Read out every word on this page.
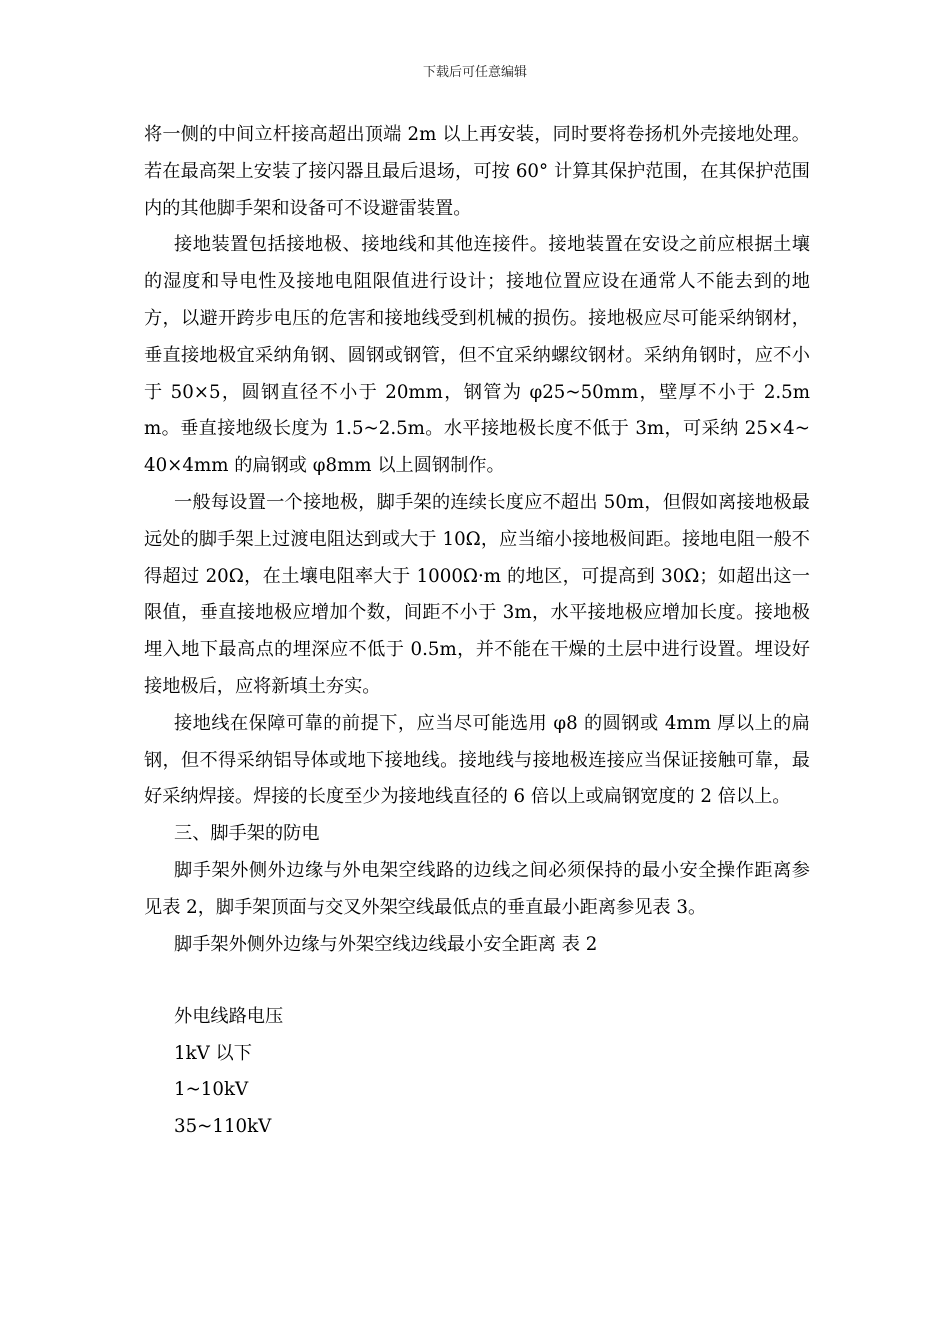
下载后可任意编辑

将一侧的中间立杆接高超出顶端 2m 以上再安装，同时要将卷扬机外壳接地处理。若在最高架上安装了接闪器且最后退场，可按 60° 计算其保护范围，在其保护范围内的其他脚手架和设备可不设避雷装置。

接地装置包括接地极、接地线和其他连接件。接地装置在安设之前应根据土壤的湿度和导电性及接地电阻限值进行设计；接地位置应设在通常人不能去到的地方，以避开跨步电压的危害和接地线受到机械的损伤。接地极应尽可能采纳钢材，垂直接地极宜采纳角钢、圆钢或钢管，但不宜采纳螺纹钢材。采纳角钢时，应不小于 50×5，圆钢直径不小于 20mm，钢管为 φ25~50mm，壁厚不小于 2.5mm。垂直接地级长度为 1.5~2.5m。水平接地极长度不低于 3m，可采纳 25×4~40×4mm 的扁钢或 φ8mm 以上圆钢制作。

一般每设置一个接地极，脚手架的连续长度应不超出 50m，但假如离接地极最远处的脚手架上过渡电阻达到或大于 10Ω，应当缩小接地极间距。接地电阻一般不得超过 20Ω，在土壤电阻率大于 1000Ω·m 的地区，可提高到 30Ω；如超出这一限值，垂直接地极应增加个数，间距不小于 3m，水平接地极应增加长度。接地极埋入地下最高点的埋深应不低于 0.5m，并不能在干燥的土层中进行设置。埋设好接地极后，应将新填土夯实。

接地线在保障可靠的前提下，应当尽可能选用 φ8 的圆钢或 4mm 厚以上的扁钢，但不得采纳铝导体或地下接地线。接地线与接地极连接应当保证接触可靠，最好采纳焊接。焊接的长度至少为接地线直径的 6 倍以上或扁钢宽度的 2 倍以上。

三、脚手架的防电

脚手架外侧外边缘与外电架空线路的边线之间必须保持的最小安全操作距离参见表 2，脚手架顶面与交叉外架空线最低点的垂直最小距离参见表 3。

脚手架外侧外边缘与外架空线边线最小安全距离 表 2

外电线路电压
1kV 以下
1~10kV
35~110kV
